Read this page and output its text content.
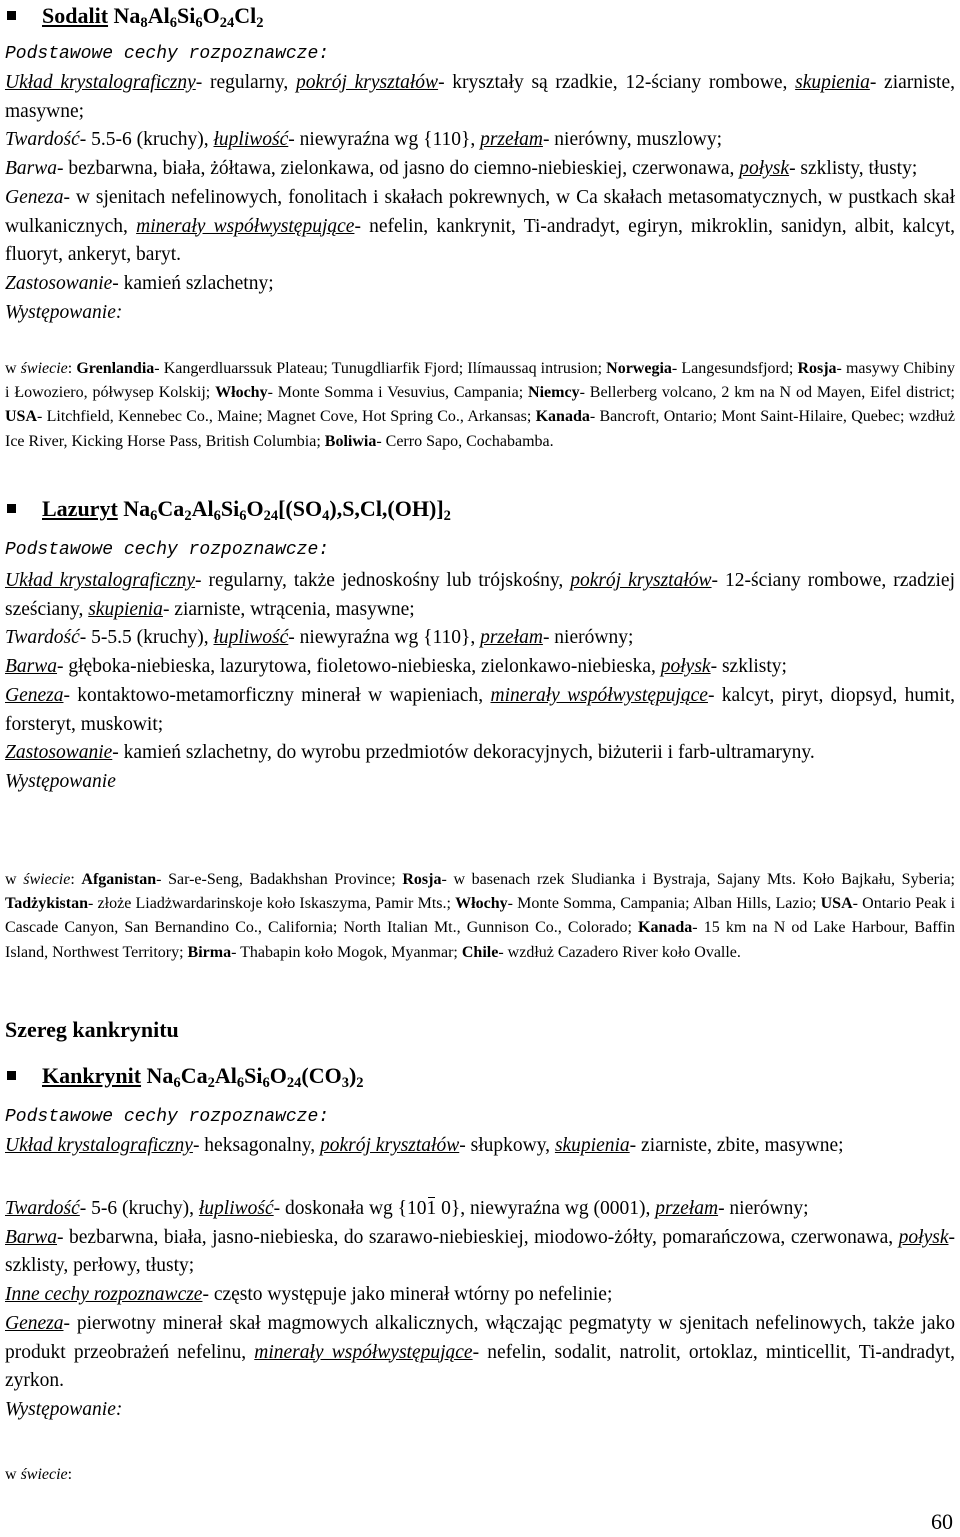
Sodalit $Na_8Al_6Si_6O_{24}Cl_2$
Podstawowe cechy rozpoznawcze:
Układ krystalograficzny- regularny, pokrój kryształów- kryształy są rzadkie, 12-ściany rombowe, skupienia- ziarniste, masywne;
Twardość- 5.5-6 (kruchy), łupliwość- niewyraźna wg {110}, przełam- nierówny, muszlowy;
Barwa- bezbarwna, biała, żółtawa, zielonkawa, od jasno do ciemno-niebieskiej, czerwonawa, połysk- szklisty, tłusty;
Geneza- w sjenitach nefelinowych, fonolitach i skałach pokrewnych, w Ca skałach metasomatycznych, w pustkach skał wulkanicznych, minerały współwystępujące- nefelin, kankrynit, Ti-andradyt, egiryn, mikroklin, sanidyn, albit, kalcyt, fluoryt, ankeryt, baryt.
Zastosowanie- kamień szlachetny;
Występowanie:
w świecie: Grenlandia- Kangerdluarssuk Plateau; Tunugdliarfik Fjord; Ilímaussaq intrusion; Norwegia- Langesundsfjord; Rosja- masywy Chibiny i Łowoziero, półwysep Kolskij; Włochy- Monte Somma i Vesuvius, Campania; Niemcy- Bellerberg volcano, 2 km na N od Mayen, Eifel district; USA- Litchfield, Kennebec Co., Maine; Magnet Cove, Hot Spring Co., Arkansas; Kanada- Bancroft, Ontario; Mont Saint-Hilaire, Quebec; wzdłuż Ice River, Kicking Horse Pass, British Columbia; Boliwia- Cerro Sapo, Cochabamba.
Lazuryt $Na_6Ca_2Al_6Si_6O_{24}[(SO_4),S,Cl,(OH)]_2$
Podstawowe cechy rozpoznawcze:
Układ krystalograficzny- regularny, także jednoskośny lub trójskośny, pokrój kryształów- 12-ściany rombowe, rzadziej sześciany, skupienia- ziarniste, wtrącenia, masywne;
Twardość- 5-5.5 (kruchy), łupliwość- niewyraźna wg {110}, przełam- nierówny;
Barwa- głęboka-niebieska, lazurytowa, fioletowo-niebieska, zielonkawo-niebieska, połysk- szklisty;
Geneza- kontaktowo-metamorficzny minerał w wapieniach, minerały współwystępujące- kalcyt, piryt, diopsyd, humit, forsteryt, muskowit;
Zastosowanie- kamień szlachetny, do wyrobu przedmiotów dekoracyjnych, biżuterii i farb-ultramaryny.
Występowanie
w świecie: Afganistan- Sar-e-Seng, Badakhshan Province; Rosja- w basenach rzek Sludianka i Bystraja, Sajany Mts. Koło Bajkału, Syberia; Tadżykistan- złoże Liadżwardarinskoje koło Iskaszyma, Pamir Mts.; Włochy- Monte Somma, Campania; Alban Hills, Lazio; USA- Ontario Peak i Cascade Canyon, San Bernandino Co., California; North Italian Mt., Gunnison Co., Colorado; Kanada- 15 km na N od Lake Harbour, Baffin Island, Northwest Territory; Birma- Thabapin koło Mogok, Myanmar; Chile- wzdłuż Cazadero River koło Ovalle.
Szereg kankrynitu
Kankrynit $Na_6Ca_2Al_6Si_6O_{24}(CO_3)_2$
Podstawowe cechy rozpoznawcze:
Układ krystalograficzny- heksagonalny, pokrój kryształów- słupkowy, skupienia- ziarniste, zbite, masywne;
Twardość- 5-6 (kruchy), łupliwość- doskonała wg {101 0}, niewyraźna wg (0001), przełam- nierówny;
Barwa- bezbarwna, biała, jasno-niebieska, do szarawo-niebieskiej, miodowo-żółty, pomarańczowa, czerwonawa, połysk- szklisty, perłowy, tłusty;
Inne cechy rozpoznawcze- często występuje jako minerał wtórny po nefelinie;
Geneza- pierwotny minerał skał magmowych alkalicznych, włączając pegmatyty w sjenitach nefelinowych, także jako produkt przeobrażeń nefelinu, minerały współwystępujące- nefelin, sodalit, natrolit, ortoklaz, minticellit, Ti-andradyt, zyrkon.
Występowanie:
w świecie:
60
